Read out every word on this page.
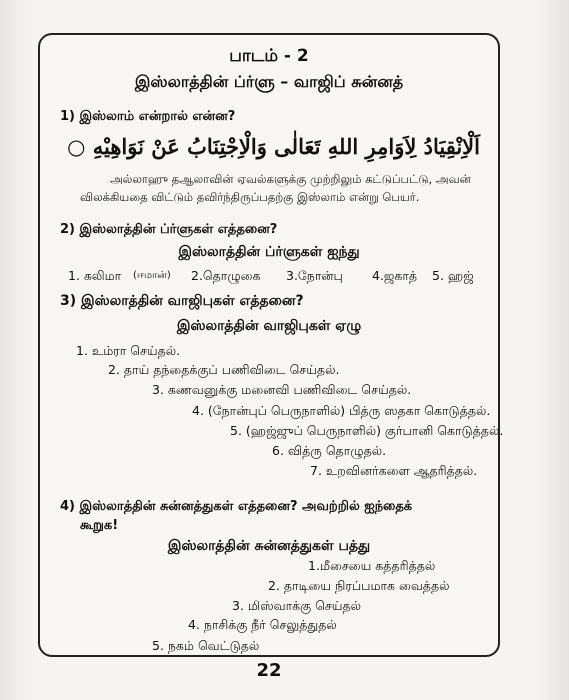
பாடம் - 2
இஸ்லாத்தின் ப்ர்ளு – வாஜிப் சுன்னத்
1) இஸ்லாம் என்றால் என்ன?
اَلْاِنْقِيَادُ لِاَوَامِرِ اللهِ تَعَالٰى وَالْاِجْتِنَابُ عَنْ نَوَاهِيْهِ ○
அல்லாஹு தஆலாவின் ஏவல்களுக்கு முற்றிலும் கட்டுப்பட்டு, அவன்
விலக்கியதை விட்டும் தவிர்ந்திருப்பதற்கு இஸ்லாம் என்று பெயர்.
2) இஸ்லாத்தின் ப்ர்ளுகள் எத்தனை?
இஸ்லாத்தின் ப்ர்ளுகள் ஐந்து
1. கலிமா (ஈமான்) 2.தொழுகை 3.நோன்பு 4.ஜகாத் 5. ஹஜ்
3) இஸ்லாத்தின் வாஜிபுகள் எத்தனை?
இஸ்லாத்தின் வாஜிபுகள் ஏழு
1. உம்ரா செய்தல்.
2. தாய் தந்தைக்குப் பணிவிடை செய்தல்.
3. கணவனுக்கு மனைவி பணிவிடை செய்தல்.
4. (நோன்புப் பெருநாளில்) பித்ரு ஸதகா கொடுத்தல்.
5. (ஹஜ்ஜுப் பெருநாளில்) குர்பானி கொடுத்தல்.
6. வித்ரு தொழுதல்.
7. உறவினர்களை ஆதரித்தல்.
4) இஸ்லாத்தின் சுன்னத்துகள் எத்தனை? அவற்றில் ஐந்தைக்
கூறுக!
இஸ்லாத்தின் சுன்னத்துகள் பத்து
1.மீசையை கத்தரித்தல்
2. தாடியை நிரப்பமாக வைத்தல்
3. மிஸ்வாக்கு செய்தல்
4. நாசிக்கு நீர் செலுத்துதல்
5. நகம் வெட்டுதல்
22
